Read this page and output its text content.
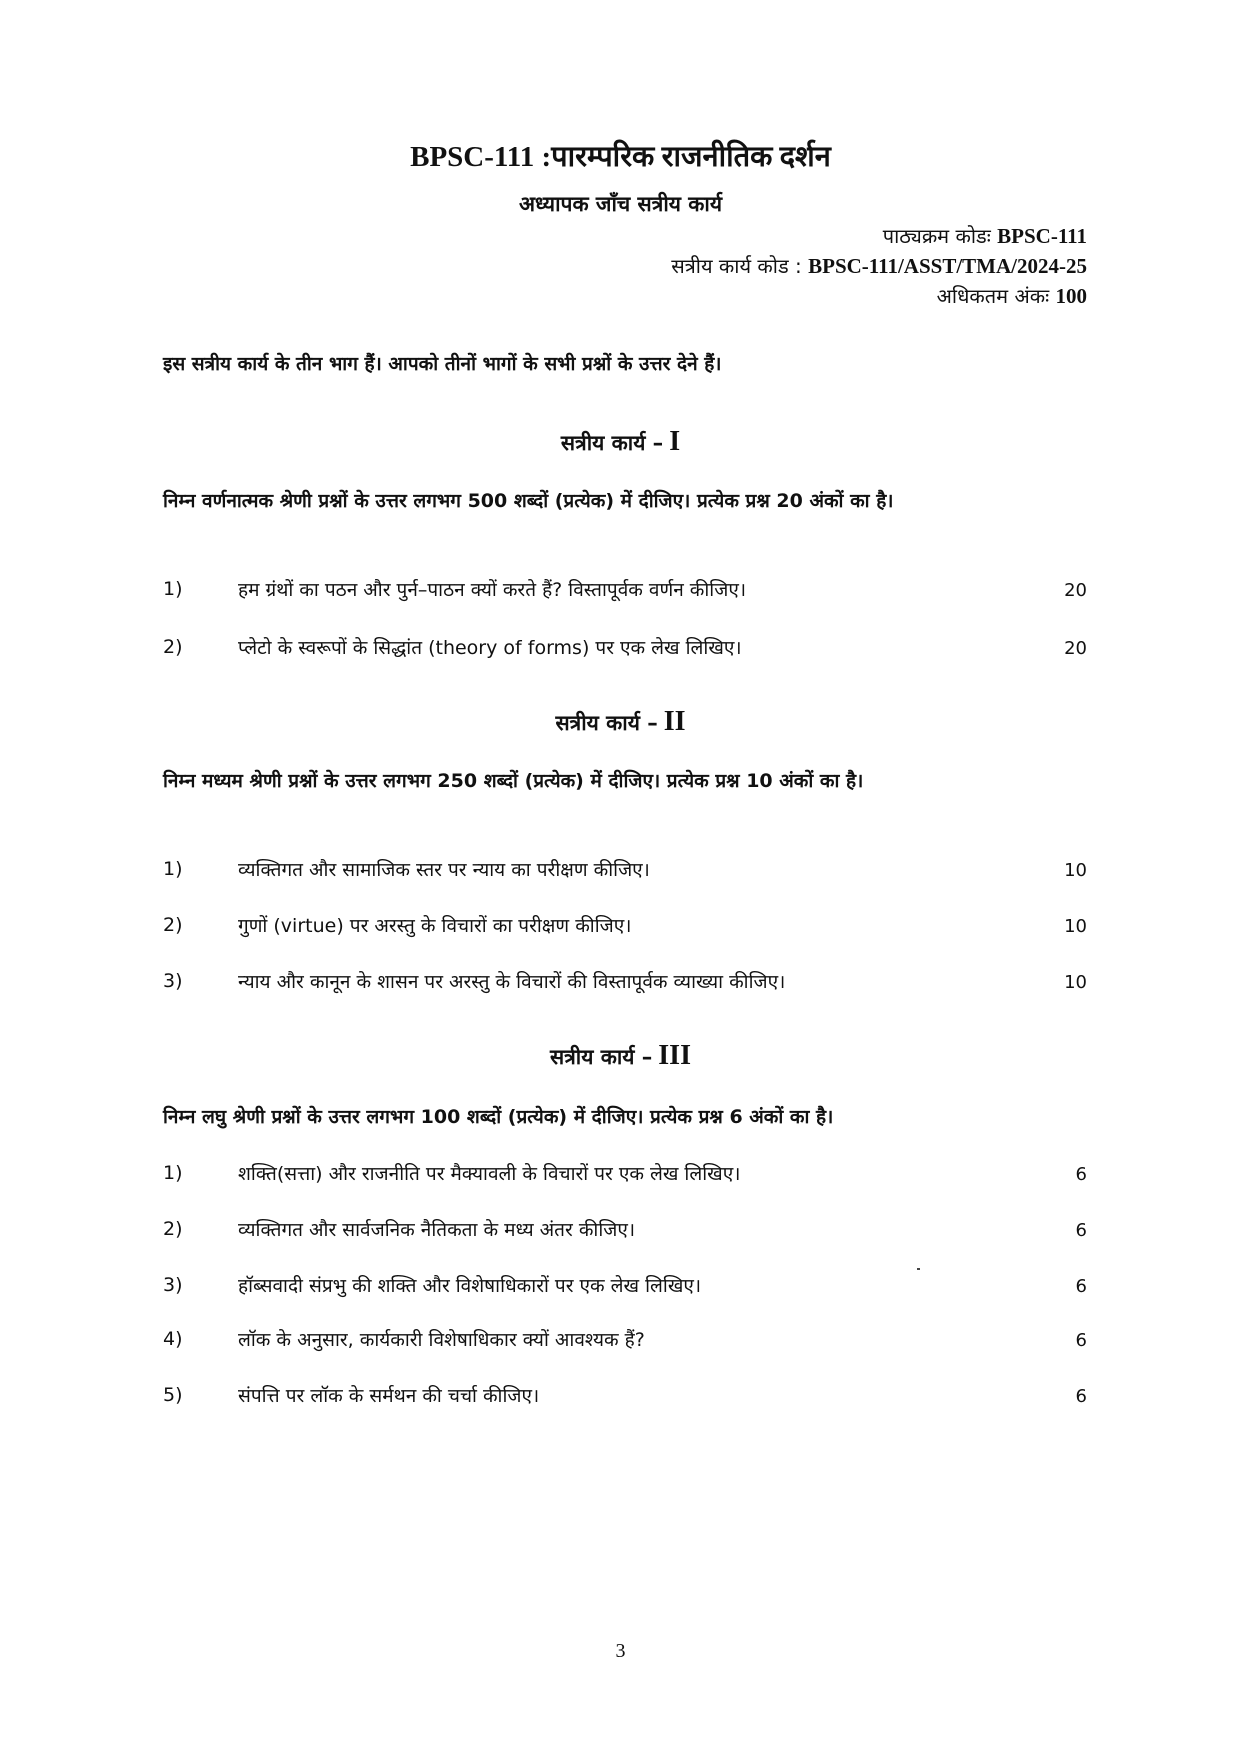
BPSC-111 :पारम्परिक राजनीतिक दर्शन
अध्यापक जाँच सत्रीय कार्य
पाठ्यक्रम कोडः BPSC-111
सत्रीय कार्य कोड : BPSC-111/ASST/TMA/2024-25
अधिकतम अंकः 100
इस सत्रीय कार्य के तीन भाग हैं। आपको तीनों भागों के सभी प्रश्नों के उत्तर देने हैं।
सत्रीय कार्य – I
निम्न वर्णनात्मक श्रेणी प्रश्नों के उत्तर लगभग 500 शब्दों (प्रत्येक) में दीजिए। प्रत्येक प्रश्न 20 अंकों का है।
1)	हम ग्रंथों का पठन और पुर्न–पाठन क्यों करते हैं? विस्तापूर्वक वर्णन कीजिए।	20
2)	प्लेटो के स्वरूपों के सिद्धांत (theory of forms) पर एक लेख लिखिए।	20
सत्रीय कार्य – II
निम्न मध्यम श्रेणी प्रश्नों के उत्तर लगभग 250 शब्दों (प्रत्येक) में दीजिए। प्रत्येक प्रश्न 10 अंकों का है।
1)	व्यक्तिगत और सामाजिक स्तर पर न्याय का परीक्षण कीजिए।	10
2)	गुणों (virtue) पर अरस्तु के विचारों का परीक्षण कीजिए।	10
3)	न्याय और कानून के शासन पर अरस्तु के विचारों की विस्तापूर्वक व्याख्या कीजिए।	10
सत्रीय कार्य – III
निम्न लघु श्रेणी प्रश्नों के उत्तर लगभग 100 शब्दों (प्रत्येक) में दीजिए। प्रत्येक प्रश्न 6 अंकों का है।
1)	शक्ति(सत्ता) और राजनीति पर मैक्यावली के विचारों पर एक लेख लिखिए।	6
2)	व्यक्तिगत और सार्वजनिक नैतिकता के मध्य अंतर कीजिए।	6
3)	हॉब्सवादी संप्रभु की शक्ति और विशेषाधिकारों पर एक लेख लिखिए।	6
4)	लॉक के अनुसार, कार्यकारी विशेषाधिकार क्यों आवश्यक हैं?	6
5)	संपत्ति पर लॉक के सर्मथन की चर्चा कीजिए।	6
3
